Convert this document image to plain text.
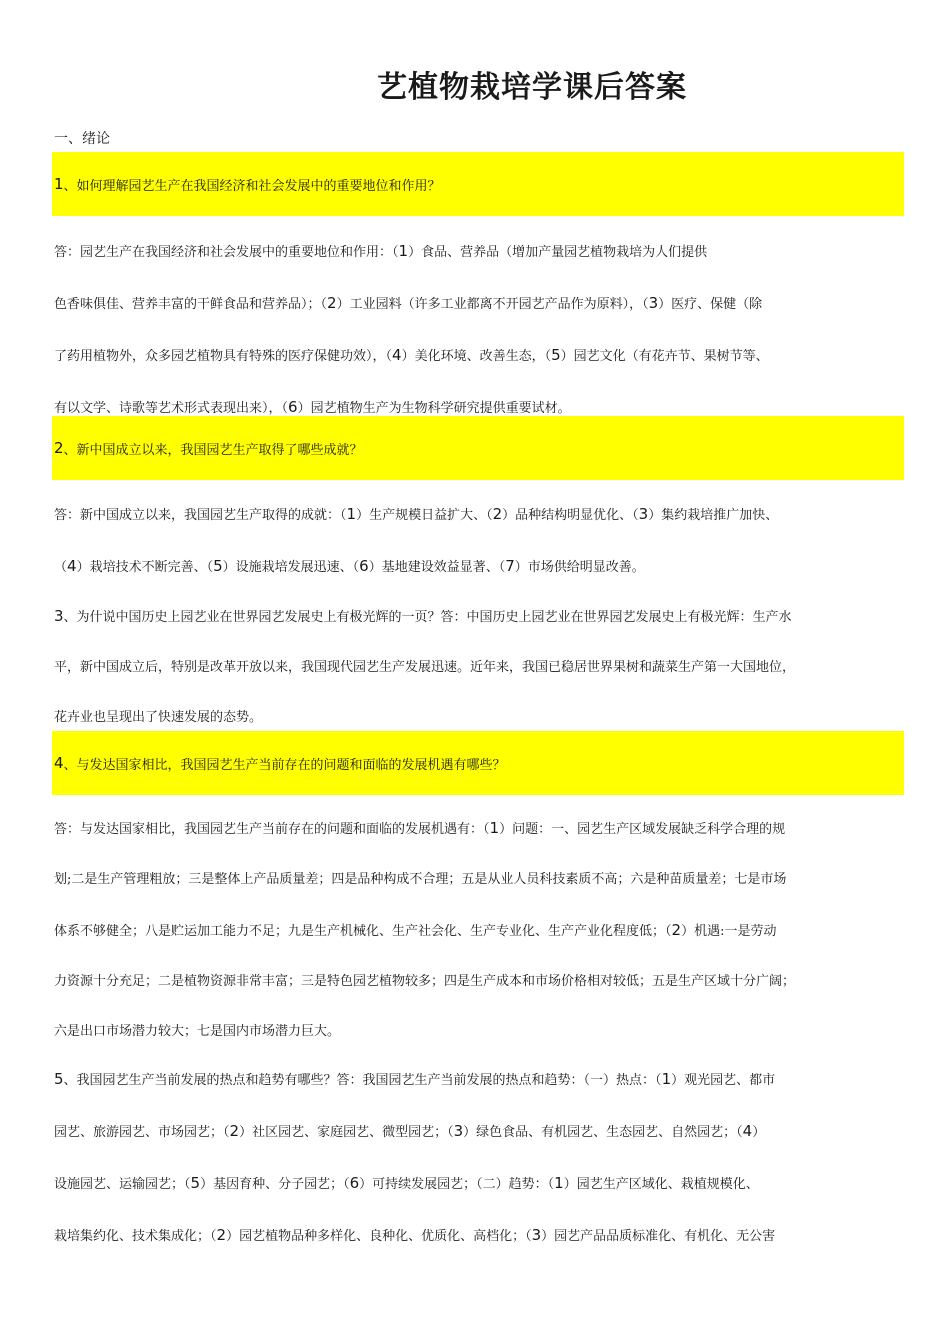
艺植物栽培学课后答案
一、绪论
1 、如何理解园艺生产在我国经济和社会发展中的重要地位和作用？
答：园艺生产在我国经济和社会发展中的重要地位和作用：（1）食品、营养品（增加产量园艺植物栽培为人们提供
色香味俱佳、营养丰富的干鲜食品和营养品）；（2）工业园料（许多工业都离不开园艺产品作为原料），（3）医疗、保健（除
了药用植物外，众多园艺植物具有特殊的医疗保健功效），（4）美化环境、改善生态，（5）园艺文化（有花卉节、果树节等、
有以文学、诗歌等艺术形式表现出来），（6）园艺植物生产为生物科学研究提供重要试材。
2 、新中国成立以来，我国园艺生产取得了哪些成就？
答：新中国成立以来，我国园艺生产取得的成就：（1）生产规模日益扩大、（2）品种结构明显优化、（3）集约栽培推广加快、
（4）栽培技术不断完善、（5）设施栽培发展迅速、（6）基地建设效益显著、（7）市场供给明显改善。
3、为什说中国历史上园艺业在世界园艺发展史上有极光辉的一页？答：中国历史上园艺业在世界园艺发展史上有极光辉：生产水
平，新中国成立后，特别是改革开放以来，我国现代园艺生产发展迅速。近年来，我国已稳居世界果树和蔬菜生产第一大国地位，
花卉业也呈现出了快速发展的态势。
4 、与发达国家相比，我国园艺生产当前存在的问题和面临的发展机遇有哪些？
答：与发达国家相比，我国园艺生产当前存在的问题和面临的发展机遇有：（1）问题：一、园艺生产区域发展缺乏科学合理的规
划;二是生产管理粗放；三是整体上产品质量差；四是品种构成不合理；五是从业人员科技素质不高；六是种苗质量差；七是市场
体系不够健全；八是贮运加工能力不足；九是生产机械化、生产社会化、生产专业化、生产产业化程度低；（2）机遇:一是劳动
力资源十分充足；二是植物资源非常丰富；三是特色园艺植物较多；四是生产成本和市场价格相对较低；五是生产区域十分广阔；
六是出口市场潜力较大；七是国内市场潜力巨大。
5、我国园艺生产当前发展的热点和趋势有哪些？答：我国园艺生产当前发展的热点和趋势：（一）热点：（1）观光园艺、都市
园艺、旅游园艺、市场园艺；（2）社区园艺、家庭园艺、微型园艺；（3）绿色食品、有机园艺、生态园艺、自然园艺；（4）
设施园艺、运输园艺；（5）基因育种、分子园艺；（6）可持续发展园艺；（二）趋势：（1）园艺生产区域化、栽植规模化、
栽培集约化、技术集成化；（2）园艺植物品种多样化、良种化、优质化、高档化；（3）园艺产品品质标准化、有机化、无公害
